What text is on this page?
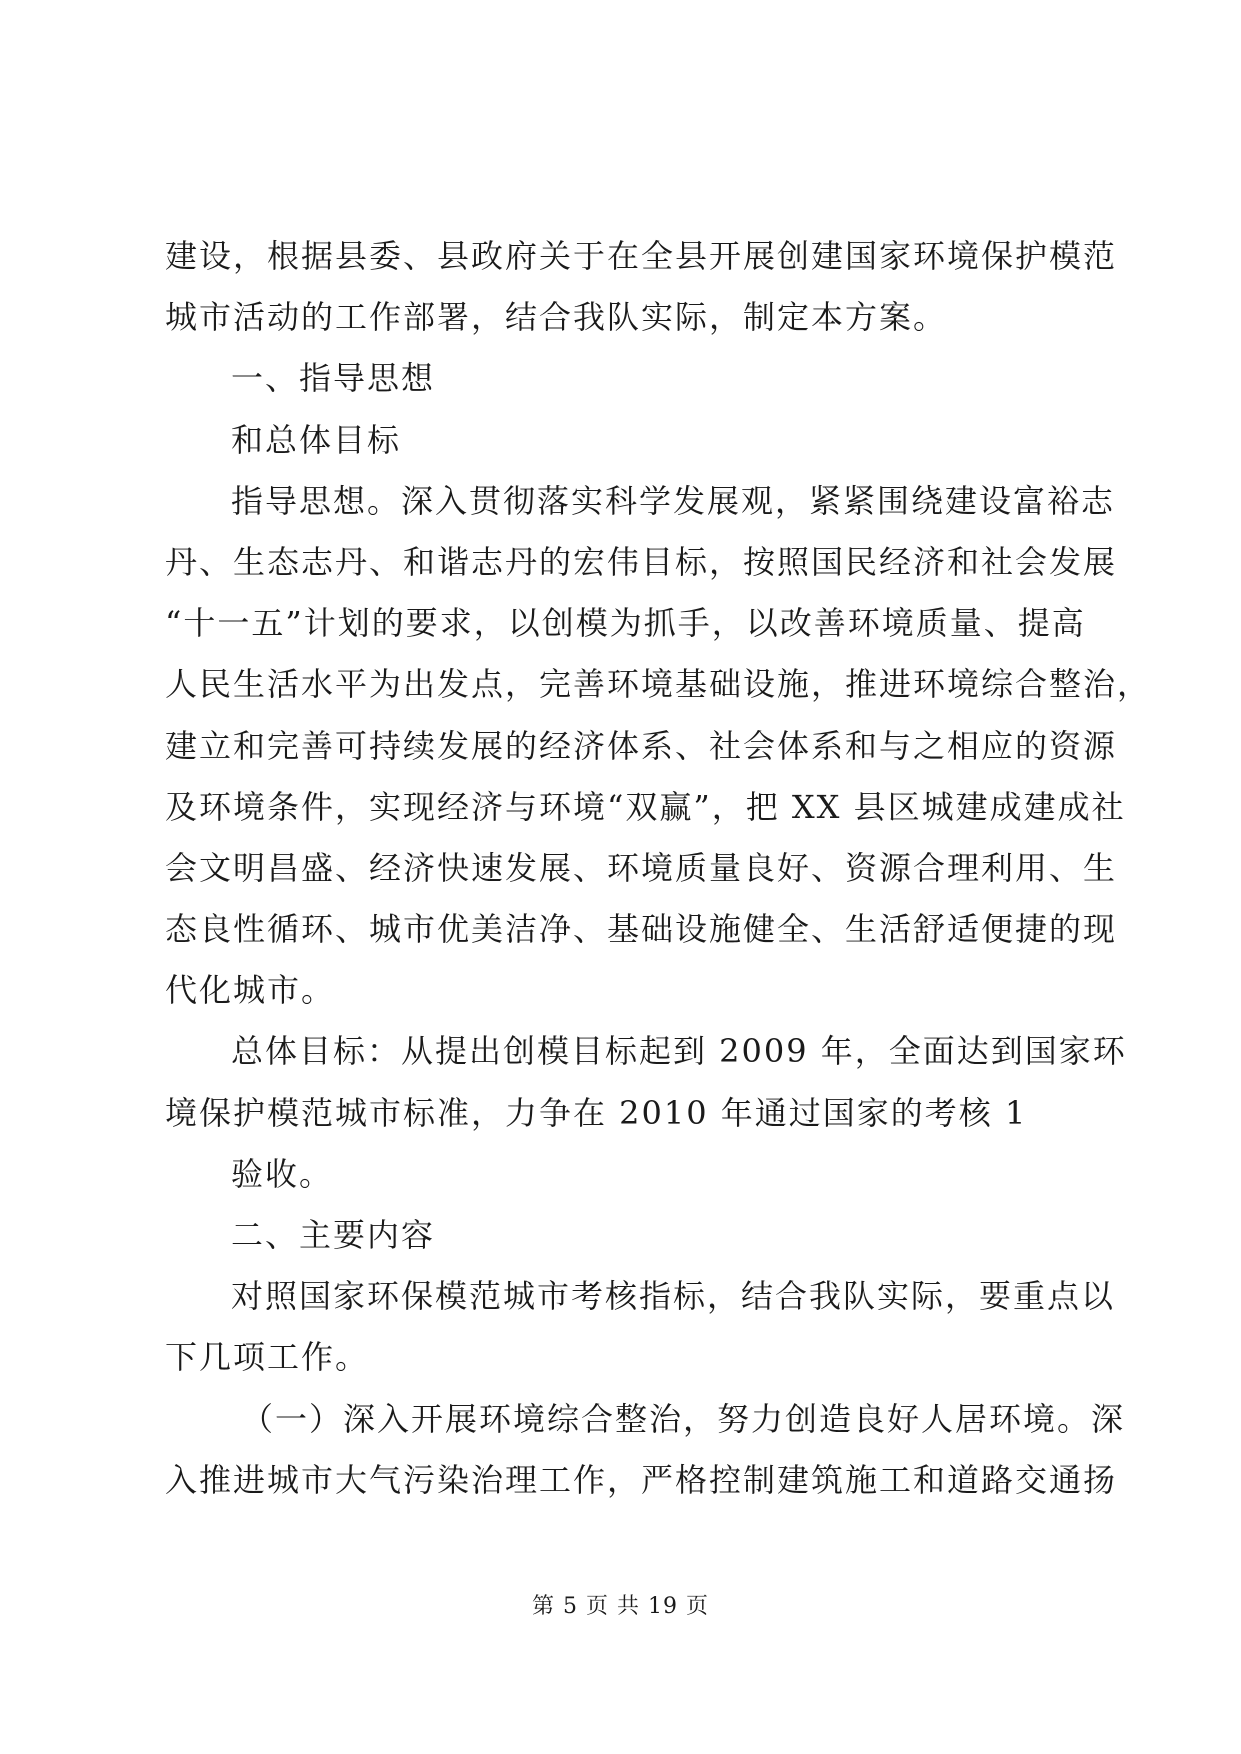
建设，根据县委、县政府关于在全县开展创建国家环境保护模范
城市活动的工作部署，结合我队实际，制定本方案。
一、指导思想
和总体目标
指导思想。深入贯彻落实科学发展观，紧紧围绕建设富裕志
丹、生态志丹、和谐志丹的宏伟目标，按照国民经济和社会发展
“十一五”计划的要求，以创模为抓手，以改善环境质量、提高
人民生活水平为出发点，完善环境基础设施，推进环境综合整治，
建立和完善可持续发展的经济体系、社会体系和与之相应的资源
及环境条件，实现经济与环境“双赢”，把 XX 县区城建成建成社
会文明昌盛、经济快速发展、环境质量良好、资源合理利用、生
态良性循环、城市优美洁净、基础设施健全、生活舒适便捷的现
代化城市。
总体目标：从提出创模目标起到 2009 年，全面达到国家环
境保护模范城市标准，力争在 2010 年通过国家的考核 1
验收。
二、主要内容
对照国家环保模范城市考核指标，结合我队实际，要重点以
下几项工作。
（一）深入开展环境综合整治，努力创造良好人居环境。深
入推进城市大气污染治理工作，严格控制建筑施工和道路交通扬
第 5 页 共 19 页
